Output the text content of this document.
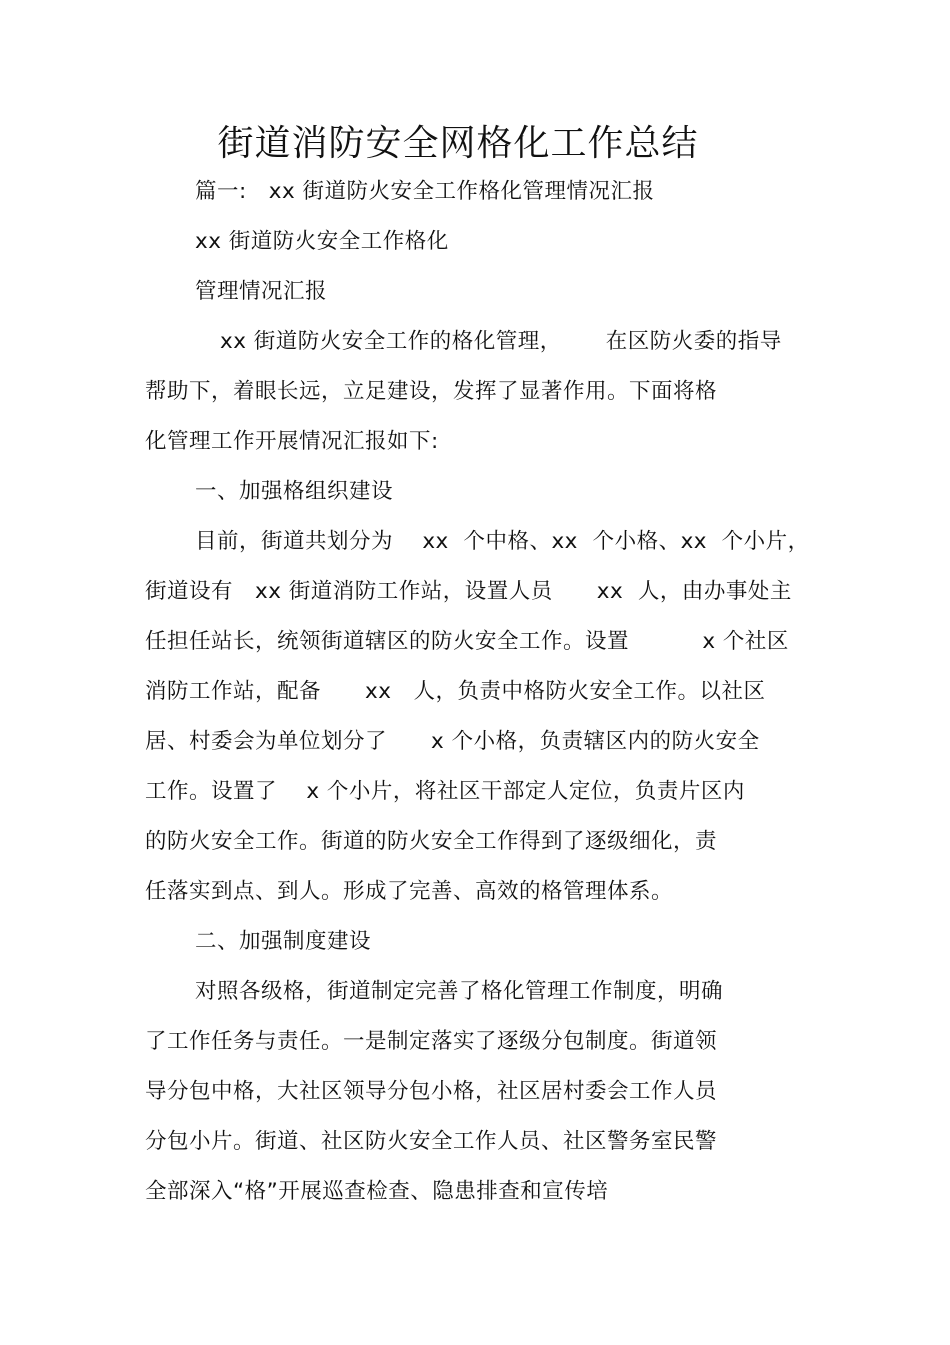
街道消防安全网格化工作总结
篇一:   xx 街道防火安全工作格化管理情况汇报
xx 街道防火安全工作格化
管理情况汇报
xx 街道防火安全工作的格化管理，      在区防火委的指导
帮助下，着眼长远，立足建设，发挥了显著作用。下面将格
化管理工作开展情况汇报如下:
一、加强格组织建设
目前，街道共划分为    xx  个中格、xx  个小格、xx  个小片，
街道设有   xx 街道消防工作站，设置人员      xx  人，由办事处主
任担任站长，统领街道辖区的防火安全工作。设置          x 个社区
消防工作站，配备      xx   人，负责中格防火安全工作。以社区
居、村委会为单位划分了      x 个小格，负责辖区内的防火安全
工作。设置了    x 个小片，将社区干部定人定位，负责片区内
的防火安全工作。街道的防火安全工作得到了逐级细化，责
任落实到点、到人。形成了完善、高效的格管理体系。
二、加强制度建设
对照各级格，街道制定完善了格化管理工作制度，明确
了工作任务与责任。一是制定落实了逐级分包制度。街道领
导分包中格，大社区领导分包小格，社区居村委会工作人员
分包小片。街道、社区防火安全工作人员、社区警务室民警
全部深入“格”开展巡查检查、隐患排查和宣传培
